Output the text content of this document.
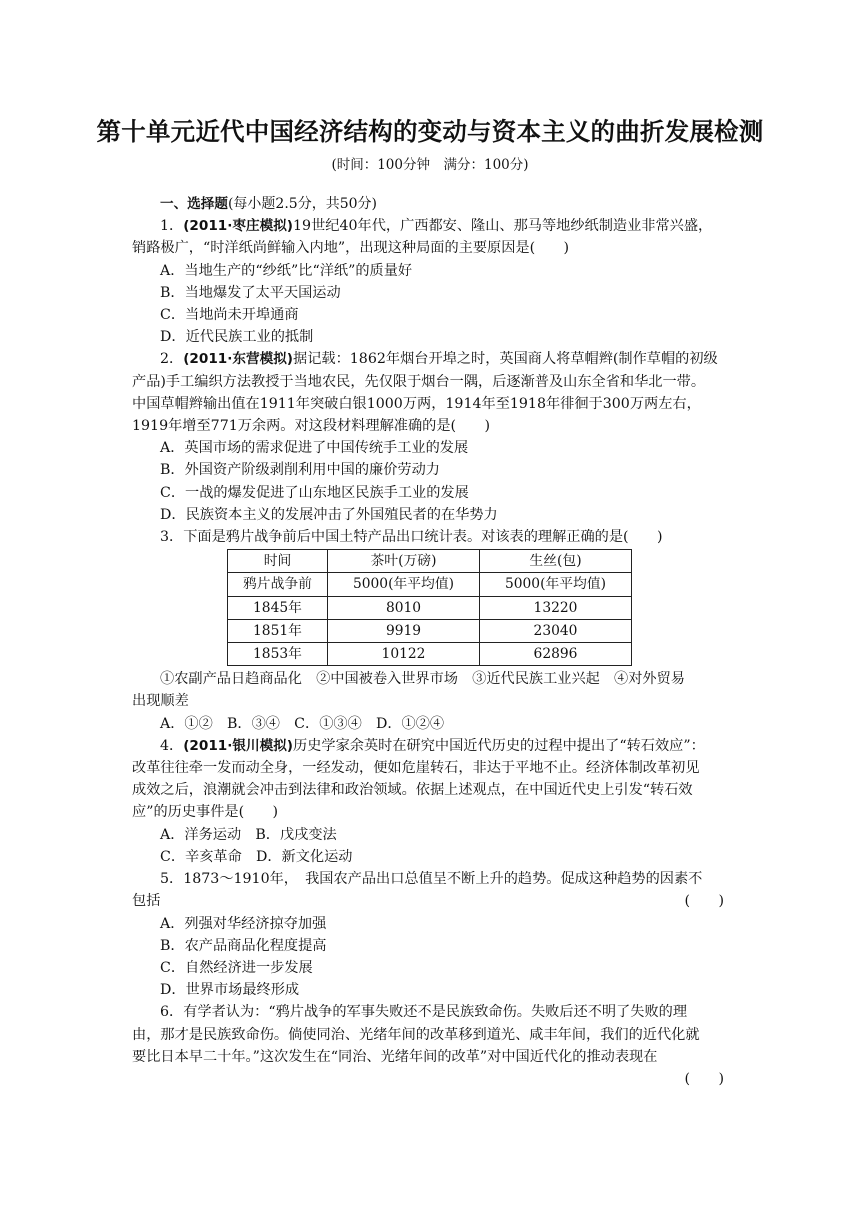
第十单元近代中国经济结构的变动与资本主义的曲折发展检测
(时间：100分钟　满分：100分)

一、选择题(每小题2.5分，共50分)

1．(2011·枣庄模拟)19世纪40年代，广西都安、隆山、那马等地纱纸制造业非常兴盛，

销路极广，“时洋纸尚鲜输入内地”，出现这种局面的主要原因是(　　)

A．当地生产的“纱纸”比“洋纸”的质量好

B．当地爆发了太平天国运动

C．当地尚未开埠通商

D．近代民族工业的抵制

2．(2011·东营模拟)据记载：1862年烟台开埠之时，英国商人将草帽辫(制作草帽的初级

产品)手工编织方法教授于当地农民，先仅限于烟台一隅，后逐渐普及山东全省和华北一带。

中国草帽辫输出值在1911年突破白银1000万两，1914年至1918年徘徊于300万两左右，

1919年增至771万余两。对这段材料理解准确的是(　　)

A．英国市场的需求促进了中国传统手工业的发展

B．外国资产阶级剥削利用中国的廉价劳动力

C．一战的爆发促进了山东地区民族手工业的发展

D．民族资本主义的发展冲击了外国殖民者的在华势力

3．下面是鸦片战争前后中国土特产品出口统计表。对该表的理解正确的是(　　)

时间	茶叶(万磅)	生丝(包)
鸦片战争前	5000(年平均值)	5000(年平均值)
1845年	8010	13220
1851年	9919	23040
1853年	10122	62896

①农副产品日趋商品化　②中国被卷入世界市场　③近代民族工业兴起　④对外贸易

出现顺差

A．①②　B．③④　C．①③④　D．①②④

4．(2011·银川模拟)历史学家余英时在研究中国近代历史的过程中提出了“转石效应”：

改革往往牵一发而动全身，一经发动，便如危崖转石，非达于平地不止。经济体制改革初见

成效之后，浪潮就会冲击到法律和政治领域。依据上述观点，在中国近代史上引发“转石效

应”的历史事件是(　　)

A．洋务运动　B．戊戌变法

C．辛亥革命　D．新文化运动

5．1873～1910年，　我国农产品出口总值呈不断上升的趋势。促成这种趋势的因素不

包括	(　　)

A．列强对华经济掠夺加强

B．农产品商品化程度提高

C．自然经济进一步发展

D．世界市场最终形成

6．有学者认为：“鸦片战争的军事失败还不是民族致命伤。失败后还不明了失败的理

由，那才是民族致命伤。倘使同治、光绪年间的改革移到道光、咸丰年间，我们的近代化就

要比日本早二十年。”这次发生在“同治、光绪年间的改革”对中国近代化的推动表现在

(　　)
